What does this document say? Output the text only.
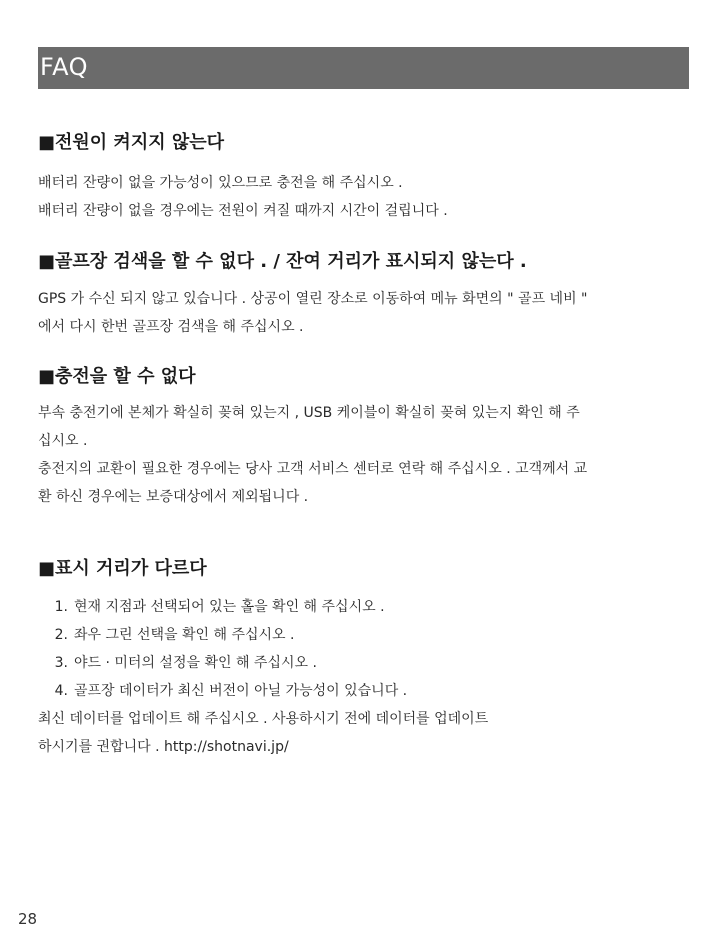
FAQ

■전원이 켜지지 않는다

배터리 잔량이 없을 가능성이 있으므로 충전을 해 주십시오 .

배터리 잔량이 없을 경우에는 전원이 켜질 때까지 시간이 걸립니다 .

■골프장 검색을 할 수 없다 . / 잔여 거리가 표시되지 않는다 .

GPS 가 수신 되지 않고 있습니다 . 상공이 열린 장소로 이동하여 메뉴 화면의 " 골프 네비 "

에서 다시 한번 골프장 검색을 해 주십시오 .

■충전을 할 수 없다

부속 충전기에 본체가 확실히 꽂혀 있는지 , USB 케이블이 확실히 꽂혀 있는지 확인 해 주

십시오 .

충전지의 교환이 필요한 경우에는 당사 고객 서비스 센터로 연락 해 주십시오 . 고객께서 교

환 하신 경우에는 보증대상에서 제외됩니다 .

■표시 거리가 다르다

1. 현재 지점과 선택되어 있는 홀을 확인 해 주십시오 .
2. 좌우 그린 선택을 확인 해 주십시오 .
3. 야드 · 미터의 설정을 확인 해 주십시오 .
4. 골프장 데이터가 최신 버전이 아닐 가능성이 있습니다 .

최신 데이터를 업데이트 해 주십시오 . 사용하시기 전에 데이터를 업데이트

하시기를 권합니다 . http://shotnavi.jp/

28
